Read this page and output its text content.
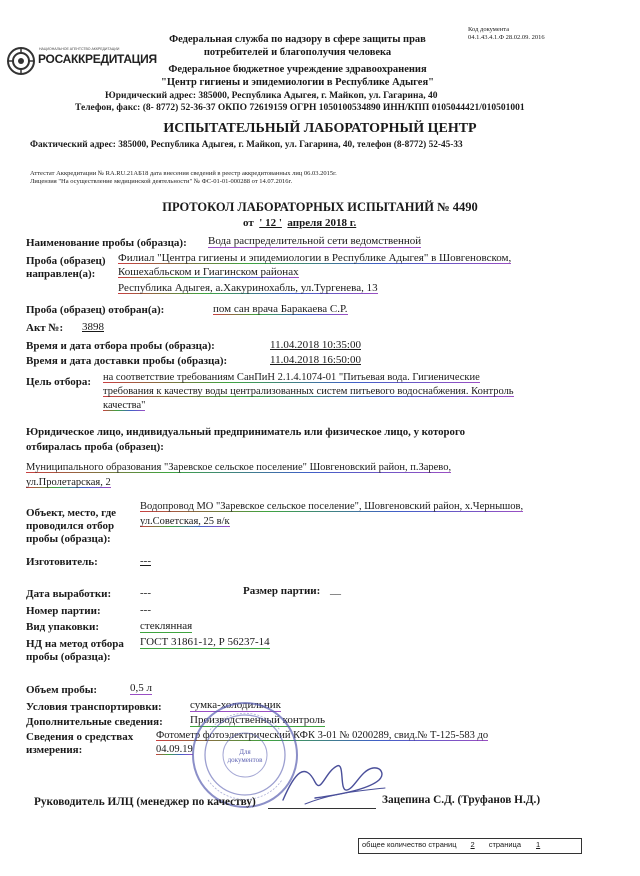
Код документа
04.1.43.4.1.Ф 28.02.09. 2016
НАЦИОНАЛЬНОЕ АГЕНТСТВО АККРЕДИТАЦИИ
РОСАККРЕДИТАЦИЯ
Федеральная служба по надзору в сфере защиты прав
потребителей и благополучия человека
Федеральное бюджетное учреждение здравоохранения
"Центр гигиены и эпидемиологии в Республике Адыгея"
Юридический адрес: 385000, Республика Адыгея, г. Майкоп, ул. Гагарина, 40
Телефон, факс: (8- 8772) 52-36-37 ОКПО 72619159 ОГРН 1050100534890 ИНН/КПП 0105044421/010501001
ИСПЫТАТЕЛЬНЫЙ ЛАБОРАТОРНЫЙ ЦЕНТР
Фактический адрес: 385000, Республика Адыгея, г. Майкоп, ул. Гагарина, 40, телефон (8-8772) 52-45-33
Аттестат Аккредитации № RA.RU.21АБ18 дата внесения сведений в реестр аккредитованных лиц 06.03.2015г.
Лицензия "На осуществление медицинской деятельности" № ФС-01-01-000288 от 14.07.2016г.
ПРОТОКОЛ ЛАБОРАТОРНЫХ ИСПЫТАНИЙ № 4490
от ' 12 ' апреля 2018 г.
Наименование пробы (образца): Вода распределительной сети ведомственной
Проба (образец)
направлен(а):
Филиал "Центра гигиены и эпидемиологии в Республике Адыгея" в Шовгеновском,
Кошехабльском и Гиагинском районах
Республика Адыгея, а.Хакуринохабль, ул.Тургенева, 13
Проба (образец) отобран(а):	пом сан врача Баракаева С.Р.
Акт №: 3898
Время и дата отбора пробы (образца):	11.04.2018 10:35:00
Время и дата доставки пробы (образца):	11.04.2018 16:50:00
Цель отбора: на соответствие требованиям СанПиН 2.1.4.1074-01 "Питьевая вода. Гигиенические
требования к качеству воды централизованных систем питьевого водоснабжения. Контроль
качества"
Юридическое лицо, индивидуальный предприниматель или физическое лицо, у которого
отбиралась проба (образец):
Муниципального образования "Заревское сельское поселение" Шовгеновский район, п.Зарево,
ул.Пролетарская, 2
Объект, место, где
проводился отбор
пробы (образца):
Водопровод МО "Заревское сельское поселение", Шовгеновский район, х.Чернышов,
ул.Советская, 25 в/к
Изготовитель:	---
Дата выработки:	---	Размер партии: __
Номер партии:	---
Вид упаковки:	стеклянная
НД на метод отбора
пробы (образца):
ГОСТ 31861-12, Р 56237-14
Объем пробы:	0,5 л
Условия транспортировки:	сумка-холодильник
Дополнительные сведения: Производственный контроль
Сведения о средствах
измерения:
Фотометр фотоэлектрический КФК 3-01 № 0200289, свид.№ Т-125-583 до
04.09.19	Для документов
Руководитель ИЛЦ (менеджер по качеству)	Зацепина С.Д. (Труфанов Н.Д.)
общее количество страниц 2 страница 1
